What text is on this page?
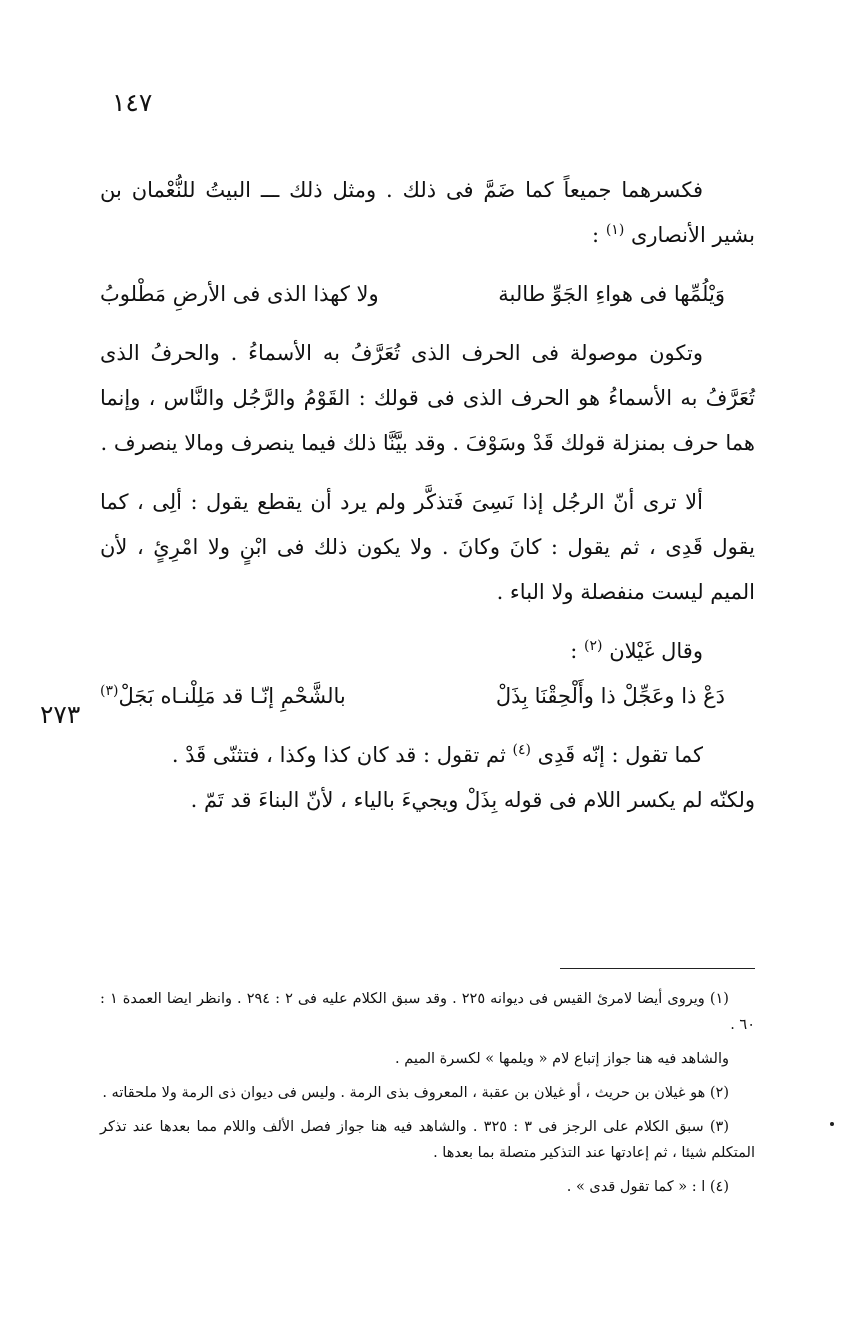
١٤٧
٢٧٣

فكسرهما جميعاً كما ضَمَّ فى ذلك . ومثل ذلك ـــ البيتُ للنُّعْمان بن بشير الأنصارى $^{(١)}$ :

وَيْلُمِّها فى هواءِ الجَوِّ طالبة
ولا كهذا الذى فى الأرضِ مَطْلوبُ

وتكون موصولة فى الحرف الذى تُعَرَّفُ به الأسماءُ . والحرفُ الذى تُعَرَّفُ به الأسماءُ هو الحرف الذى فى قولك : القَوْمُ والرَّجُل والنَّاس ، وإنما هما حرف بمنزلة قولك قَدْ وسَوْفَ . وقد بيَّنَّا ذلك فيما ينصرف ومالا ينصرف .

ألا ترى أنّ الرجُل إذا نَسِىَ فَتذكَّر ولم يرد أن يقطع يقول : ألِى ، كما يقول قَدِى ، ثم يقول : كانَ وكانَ . ولا يكون ذلك فى ابْنٍ ولا امْرِئٍ ، لأن الميم ليست منفصلة ولا الباء .

وقال غَيْلان $^{(٢)}$ :

دَعْ ذا وعَجِّلْ ذا وأَلْحِقْنَا بِذَلْ
بالشَّحْمِ إنّـا قد مَلِلْنـاه بَجَلْ$^{(٣)}$

كما تقول : إنّه قَدِى $^{(٤)}$ ثم تقول : قد كان كذا وكذا ، فتثنّى قَدْ .

ولكنّه لم يكسر اللام فى قوله بِذَلْ ويجيءَ بالياء ، لأنّ البناءَ قد تَمّ .

(١) ويروى أيضا لامرئ القيس فى ديوانه ٢٢٥ . وقد سبق الكلام عليه فى ٢ : ٢٩٤ . وانظر ايضا العمدة ١ : ٦٠ .

والشاهد فيه هنا جواز إتباع لام « ويلمها » لكسرة الميم .

(٢) هو غيلان بن حريث ، أو غيلان بن عقبة ، المعروف بذى الرمة . وليس فى ديوان ذى الرمة ولا ملحقاته .

(٣) سبق الكلام على الرجز فى ٣ : ٣٢٥ . والشاهد فيه هنا جواز فصل الألف واللام مما بعدها عند تذكر المتكلم شيئا ، ثم إعادتها عند التذكير متصلة بما بعدها .

(٤) ا : « كما تقول قدى » .
